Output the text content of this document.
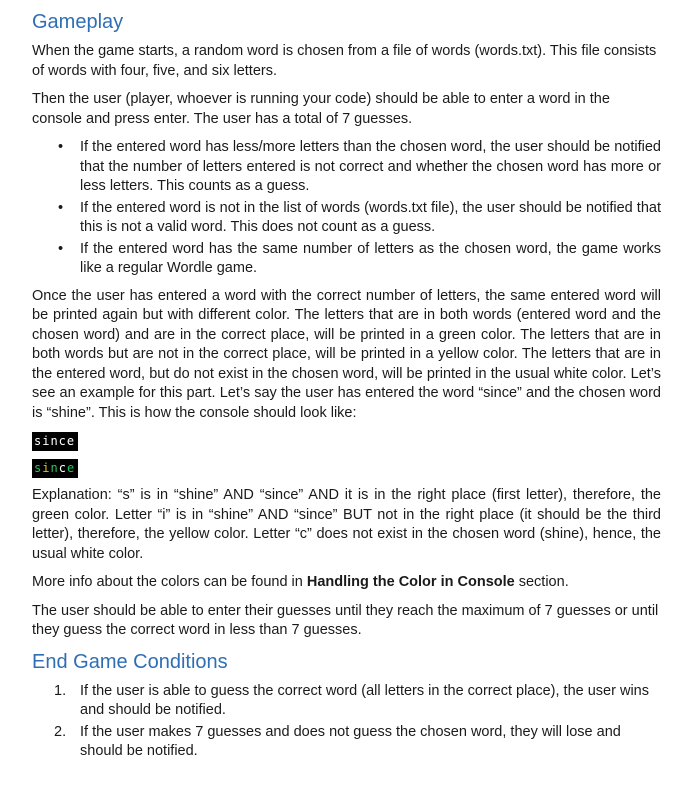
Gameplay

When the game starts, a random word is chosen from a file of words (words.txt). This file consists of words with four, five, and six letters.

Then the user (player, whoever is running your code) should be able to enter a word in the console and press enter. The user has a total of 7 guesses.

• If the entered word has less/more letters than the chosen word, the user should be notified that the number of letters entered is not correct and whether the chosen word has more or less letters. This counts as a guess.
• If the entered word is not in the list of words (words.txt file), the user should be notified that this is not a valid word. This does not count as a guess.
• If the entered word has the same number of letters as the chosen word, the game works like a regular Wordle game.

Once the user has entered a word with the correct number of letters, the same entered word will be printed again but with different color. The letters that are in both words (entered word and the chosen word) and are in the correct place, will be printed in a green color. The letters that are in both words but are not in the correct place, will be printed in a yellow color. The letters that are in the entered word, but do not exist in the chosen word, will be printed in the usual white color. Let’s see an example for this part. Let’s say the user has entered the word “since” and the chosen word is “shine”. This is how the console should look like:

since
since

Explanation: “s” is in “shine” AND “since” AND it is in the right place (first letter), therefore, the green color. Letter “i” is in “shine” AND “since” BUT not in the right place (it should be the third letter), therefore, the yellow color. Letter “c” does not exist in the chosen word (shine), hence, the usual white color.

More info about the colors can be found in Handling the Color in Console section.

The user should be able to enter their guesses until they reach the maximum of 7 guesses or until they guess the correct word in less than 7 guesses.

End Game Conditions
1. If the user is able to guess the correct word (all letters in the correct place), the user wins and should be notified.
2. If the user makes 7 guesses and does not guess the chosen word, they will lose and should be notified.
